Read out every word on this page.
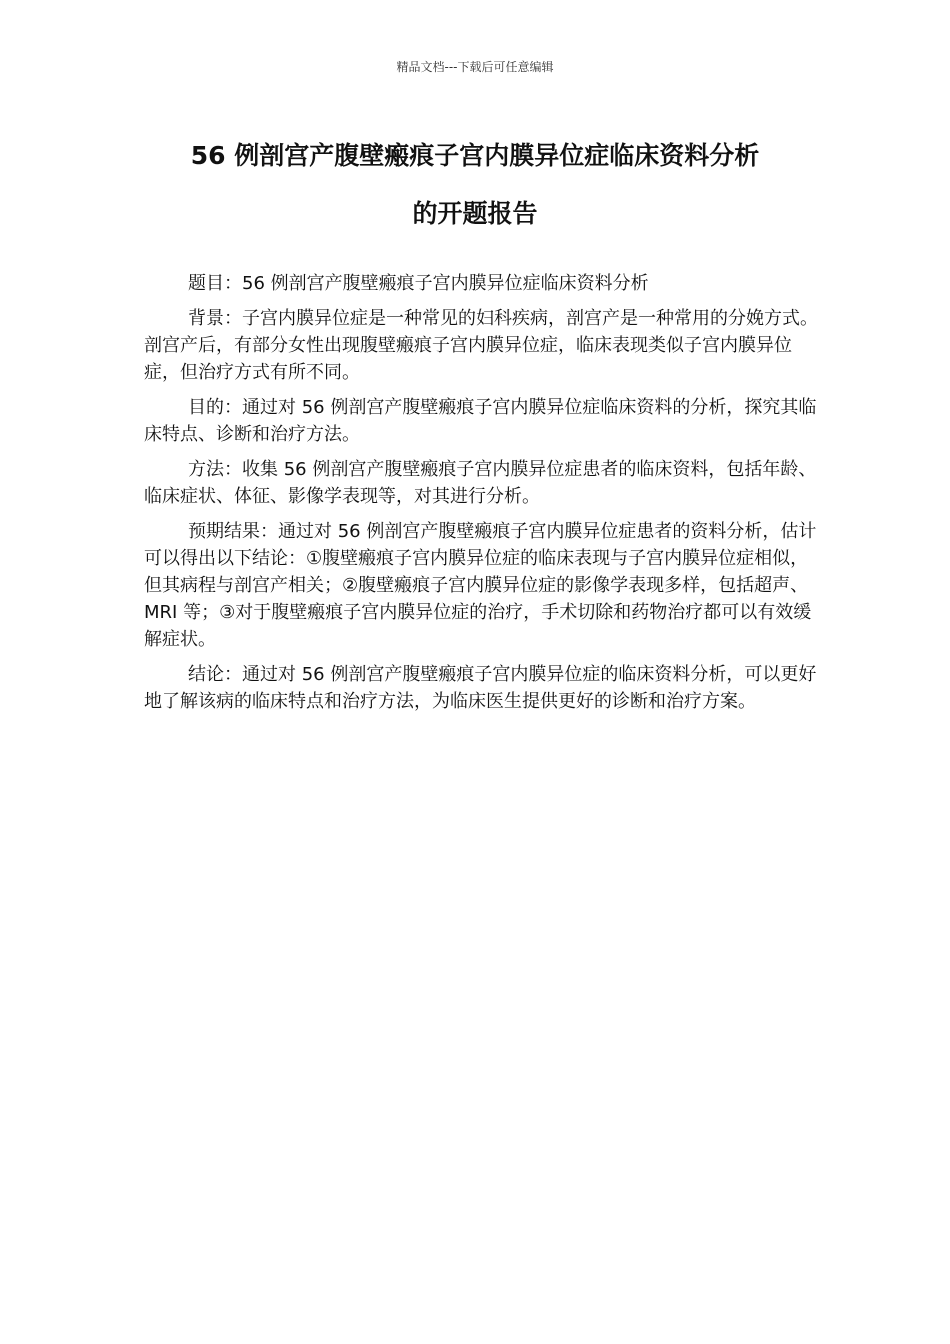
精品文档---下载后可任意编辑
56 例剖宫产腹壁瘢痕子宫内膜异位症临床资料分析
的开题报告

题目：56 例剖宫产腹壁瘢痕子宫内膜异位症临床资料分析

背景：子宫内膜异位症是一种常见的妇科疾病，剖宫产是一种常用的分娩方式。剖宫产后，有部分女性出现腹壁瘢痕子宫内膜异位症，临床表现类似子宫内膜异位症，但治疗方式有所不同。

目的：通过对 56 例剖宫产腹壁瘢痕子宫内膜异位症临床资料的分析，探究其临床特点、诊断和治疗方法。

方法：收集 56 例剖宫产腹壁瘢痕子宫内膜异位症患者的临床资料，包括年龄、临床症状、体征、影像学表现等，对其进行分析。

预期结果：通过对 56 例剖宫产腹壁瘢痕子宫内膜异位症患者的资料分析，估计可以得出以下结论：①腹壁瘢痕子宫内膜异位症的临床表现与子宫内膜异位症相似，但其病程与剖宫产相关；②腹壁瘢痕子宫内膜异位症的影像学表现多样，包括超声、MRI 等；③对于腹壁瘢痕子宫内膜异位症的治疗，手术切除和药物治疗都可以有效缓解症状。

结论：通过对 56 例剖宫产腹壁瘢痕子宫内膜异位症的临床资料分析，可以更好地了解该病的临床特点和治疗方法，为临床医生提供更好的诊断和治疗方案。
